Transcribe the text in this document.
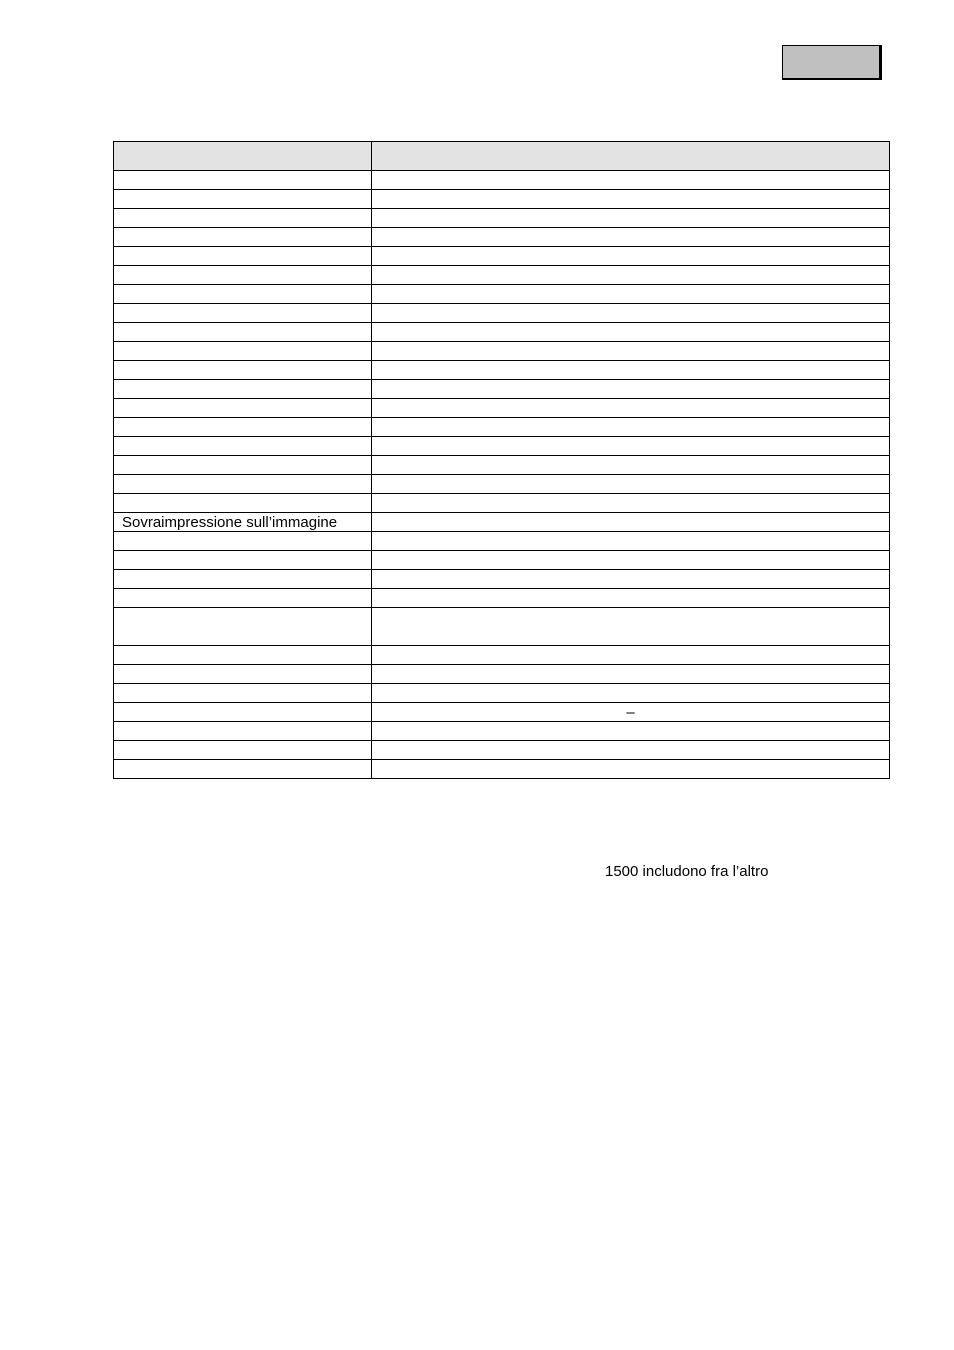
Sovraimpressione sull’immagine	

	–

1500 includono fra l’altro
